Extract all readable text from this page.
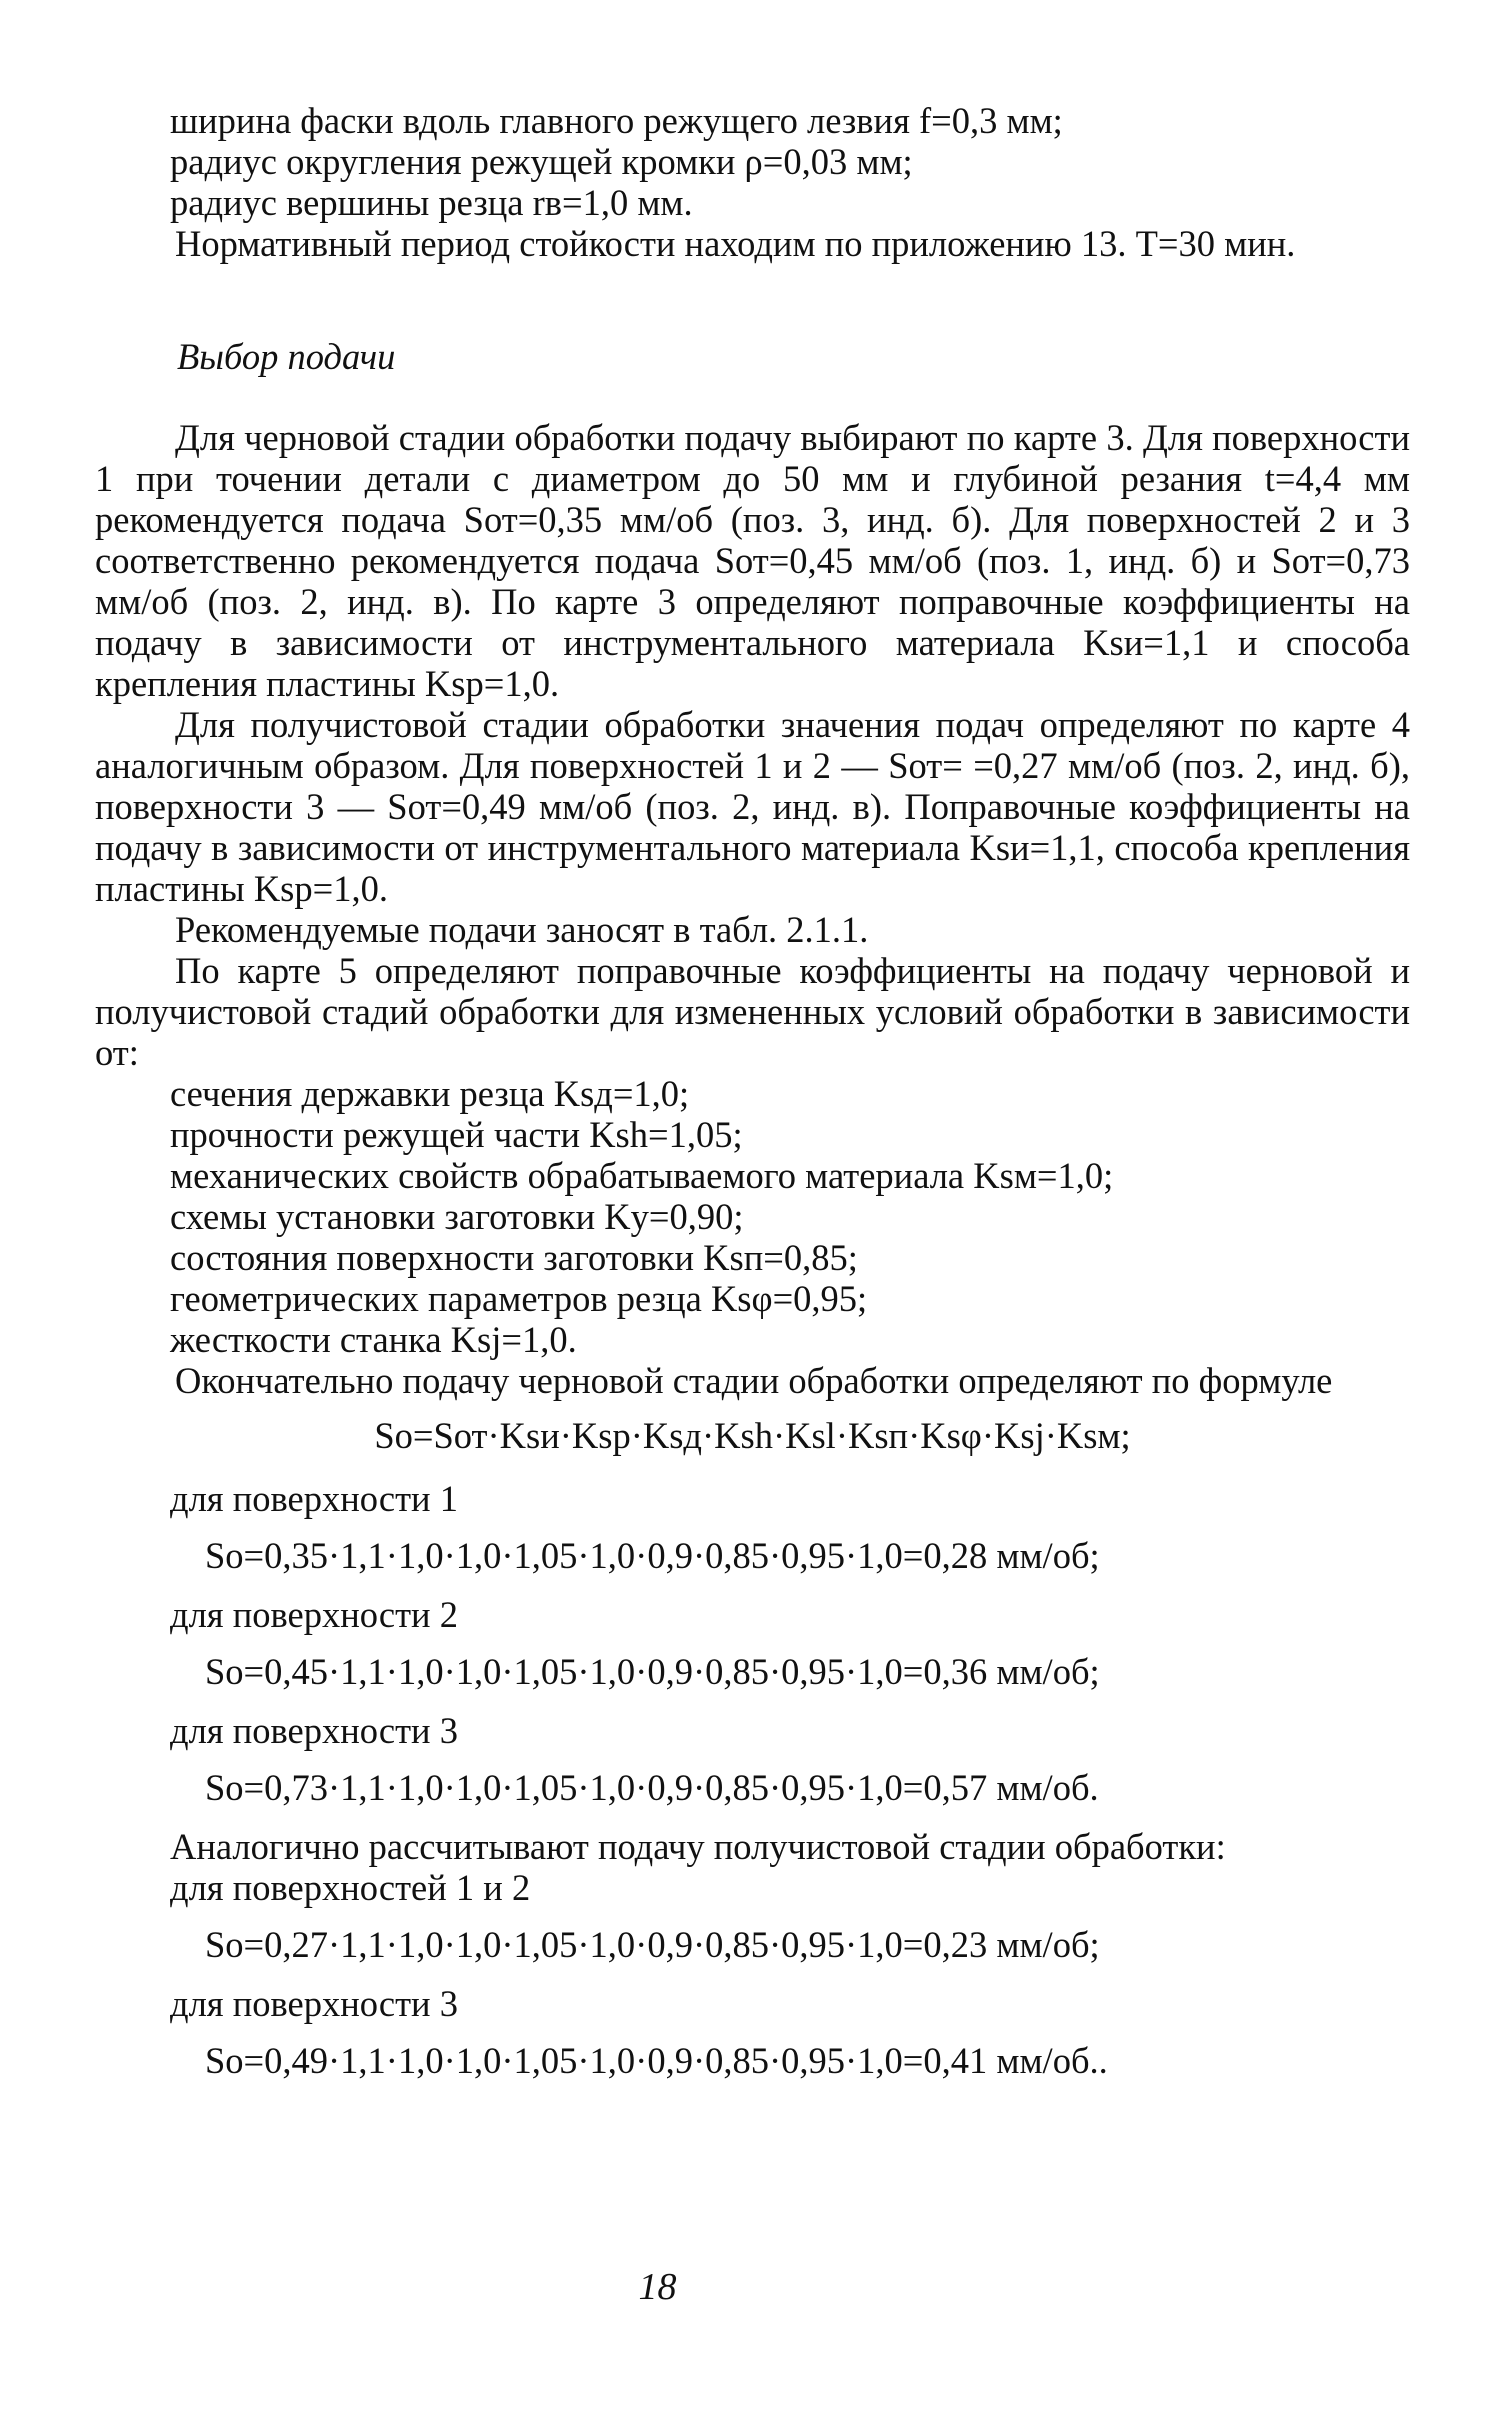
ширина фаски вдоль главного режущего лезвия f=0,3 мм;

радиус округления режущей кромки ρ=0,03 мм;

радиус вершины резца rв=1,0 мм.

Нормативный период стойкости находим по приложению 13. T=30 мин.

Выбор подачи

Для черновой стадии обработки подачу выбирают по карте 3. Для поверхности 1 при точении детали с диаметром до 50 мм и глубиной резания t=4,4 мм рекомендуется подача Sот=0,35 мм/об (поз. 3, инд. б). Для поверхностей 2 и 3 соответственно рекомендуется подача Sот=0,45 мм/об (поз. 1, инд. б) и Sот=0,73 мм/об (поз. 2, инд. в). По карте 3 определяют поправочные коэффициенты на подачу в зависимости от инструментального материала Ksи=1,1 и способа крепления пластины Ksp=1,0.

Для получистовой стадии обработки значения подач определяют по карте 4 аналогичным образом. Для поверхностей 1 и 2 — Sот= =0,27 мм/об (поз. 2, инд. б), поверхности 3 — Sот=0,49 мм/об (поз. 2, инд. в). Поправочные коэффициенты на подачу в зависимости от инструментального материала Ksи=1,1, способа крепления пластины Ksp=1,0.

Рекомендуемые подачи заносят в табл. 2.1.1.

По карте 5 определяют поправочные коэффициенты на подачу черновой и получистовой стадий обработки для измененных условий обработки в зависимости от:

сечения державки резца Ksд=1,0;

прочности режущей части Ksh=1,05;

механических свойств обрабатываемого материала Ksм=1,0;

схемы установки заготовки Kу=0,90;

состояния поверхности заготовки Ksп=0,85;

геометрических параметров резца Ksφ=0,95;

жесткости станка Ksj=1,0.

Окончательно подачу черновой стадии обработки определяют по формуле

Sо=Sот·Ksи·Ksp·Ksд·Ksh·Ksl·Ksп·Ksφ·Ksj·Ksм;

для поверхности 1

Sо=0,35·1,1·1,0·1,0·1,05·1,0·0,9·0,85·0,95·1,0=0,28 мм/об;

для поверхности 2

Sо=0,45·1,1·1,0·1,0·1,05·1,0·0,9·0,85·0,95·1,0=0,36 мм/об;

для поверхности 3

Sо=0,73·1,1·1,0·1,0·1,05·1,0·0,9·0,85·0,95·1,0=0,57 мм/об.

Аналогично рассчитывают подачу получистовой стадии обработки:

для поверхностей 1 и 2

Sо=0,27·1,1·1,0·1,0·1,05·1,0·0,9·0,85·0,95·1,0=0,23 мм/об;

для поверхности 3

Sо=0,49·1,1·1,0·1,0·1,05·1,0·0,9·0,85·0,95·1,0=0,41 мм/об..

18
